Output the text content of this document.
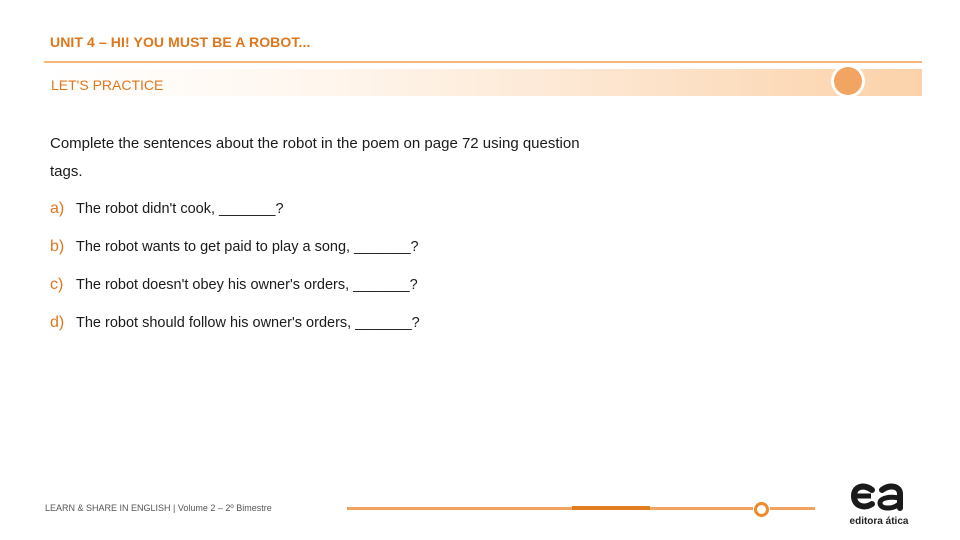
UNIT 4 – HI! YOU MUST BE A ROBOT...
LET'S PRACTICE
Complete the sentences about the robot in the poem on page 72 using question tags.
a) The robot didn't cook, _______?
b) The robot wants to get paid to play a song, _______?
c) The robot doesn't obey his owner's orders, _______?
d) The robot should follow his owner's orders, _______?
LEARN & SHARE IN ENGLISH | Volume 2 – 2º Bimestre
editora ática
